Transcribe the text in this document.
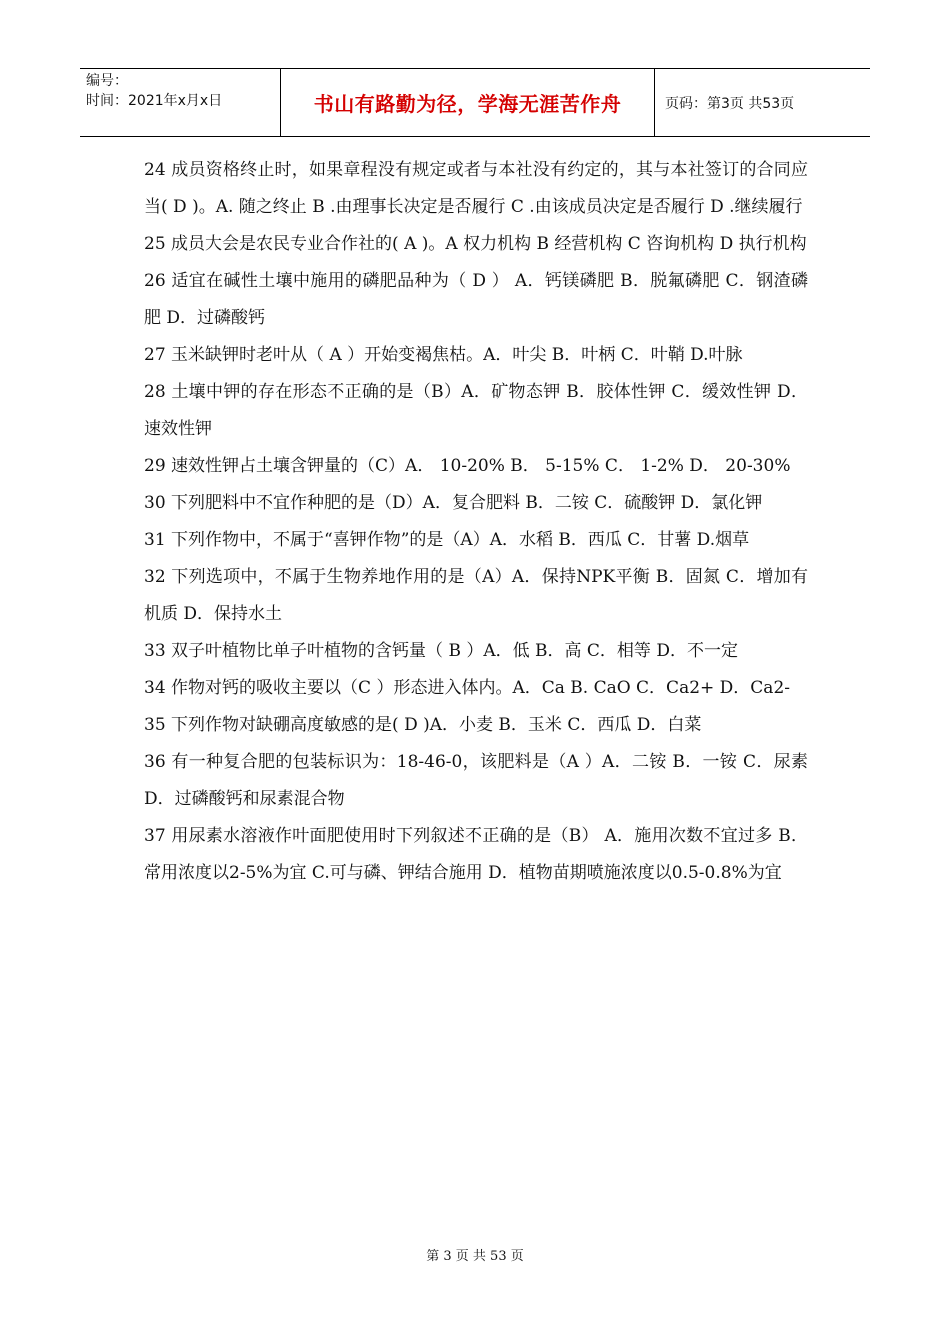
编号：
时间：2021年x月x日	书山有路勤为径，学海无涯苦作舟	页码：第3页 共53页

24 成员资格终止时，如果章程没有规定或者与本社没有约定的，其与本社签订的合同应当( D )。A. 随之终止 B .由理事长决定是否履行 C .由该成员决定是否履行 D .继续履行

25 成员大会是农民专业合作社的( A )。A 权力机构 B 经营机构 C 咨询机构 D 执行机构

26 适宜在碱性土壤中施用的磷肥品种为（ D ） A．钙镁磷肥 B．脱氟磷肥 C．钢渣磷肥 D．过磷酸钙

27 玉米缺钾时老叶从（ A ）开始变褐焦枯。A．叶尖 B．叶柄 C．叶鞘 D.叶脉

28 土壤中钾的存在形态不正确的是（B）A．矿物态钾 B．胶体性钾 C．缓效性钾 D．速效性钾

29 速效性钾占土壤含钾量的（C）A． 10-20% B． 5-15% C． 1-2% D． 20-30%

30 下列肥料中不宜作种肥的是（D）A．复合肥料 B．二铵 C．硫酸钾 D．氯化钾

31 下列作物中，不属于“喜钾作物”的是（A）A．水稻 B．西瓜 C．甘薯 D.烟草

32 下列选项中，不属于生物养地作用的是（A）A．保持NPK平衡 B．固氮 C．增加有机质 D．保持水土

33 双子叶植物比单子叶植物的含钙量（ B ）A．低 B．高 C．相等 D．不一定

34 作物对钙的吸收主要以（C ）形态进入体内。A．Ca B. CaO C．Ca2+ D．Ca2-

35 下列作物对缺硼高度敏感的是( D )A．小麦 B．玉米 C．西瓜 D．白菜

36 有一种复合肥的包装标识为：18-46-0，该肥料是（A ）A．二铵 B．一铵 C．尿素 D．过磷酸钙和尿素混合物

37 用尿素水溶液作叶面肥使用时下列叙述不正确的是（B） A．施用次数不宜过多 B．常用浓度以2-5%为宜 C.可与磷、钾结合施用 D．植物苗期喷施浓度以0.5-0.8%为宜

第 3 页 共 53 页
